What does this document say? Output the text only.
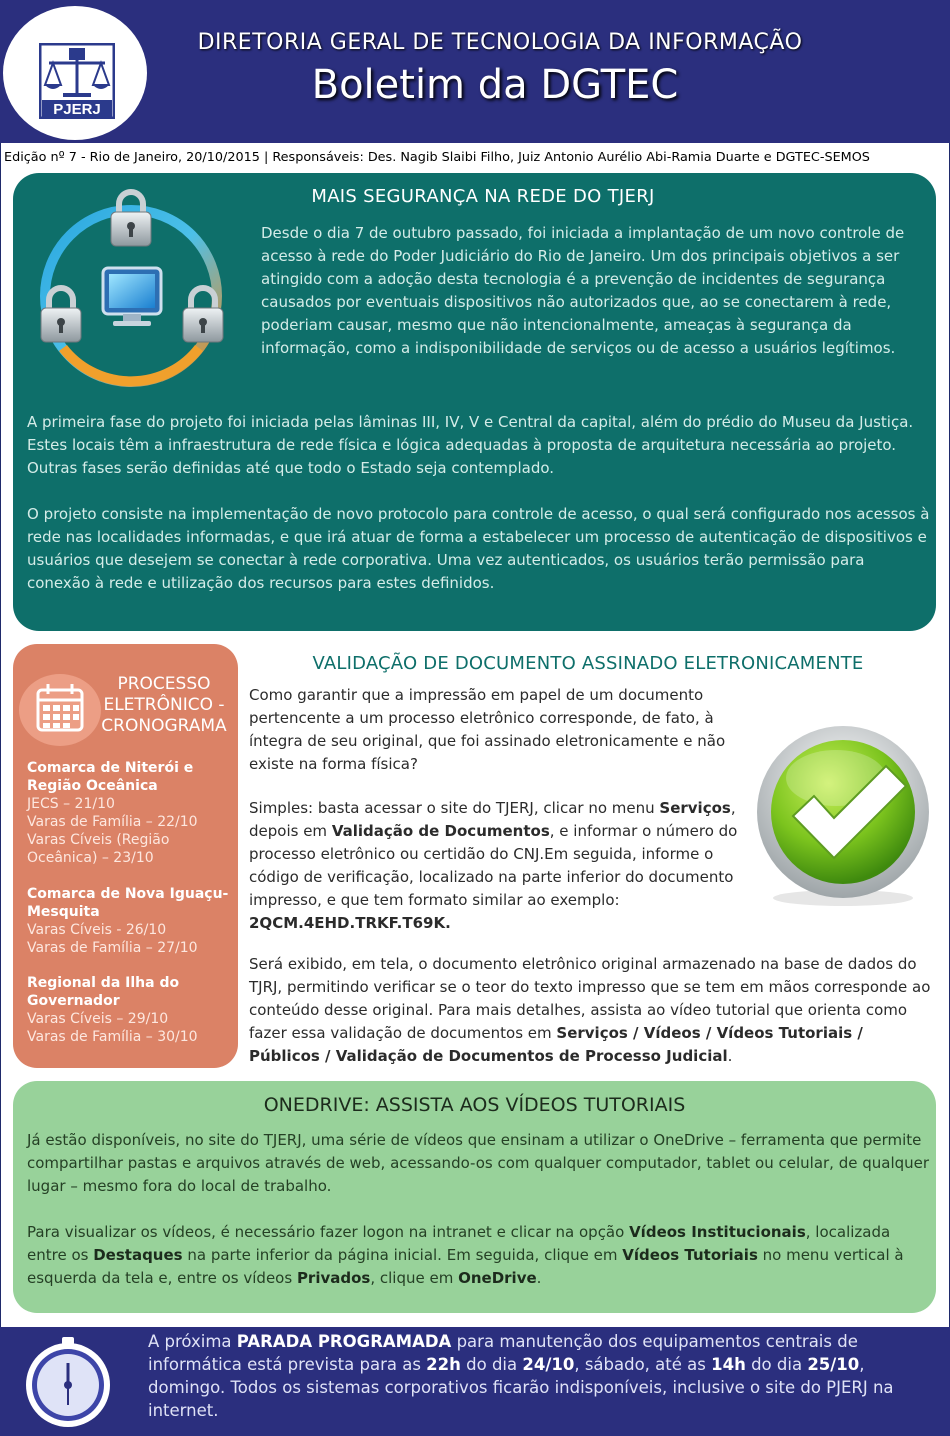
PJERJ
DIRETORIA GERAL DE TECNOLOGIA DA INFORMAÇÃO
Boletim da DGTEC
Edição nº 7 - Rio de Janeiro, 20/10/2015 | Responsáveis: Des. Nagib Slaibi Filho, Juiz Antonio Aurélio Abi-Ramia Duarte e DGTEC-SEMOS
MAIS SEGURANÇA NA REDE DO TJERJ

Desde o dia 7 de outubro passado, foi iniciada a implantação de um novo controle de acesso à rede do Poder Judiciário do Rio de Janeiro. Um dos principais objetivos a ser atingido com a adoção desta tecnologia é a prevenção de incidentes de segurança causados por eventuais dispositivos não autorizados que, ao se conectarem à rede, poderiam causar, mesmo que não intencionalmente, ameaças à segurança da informação, como a indisponibilidade de serviços ou de acesso a usuários legítimos.

A primeira fase do projeto foi iniciada pelas lâminas III, IV, V e Central da capital, além do prédio do Museu da Justiça. Estes locais têm a infraestrutura de rede física e lógica adequadas à proposta de arquitetura necessária ao projeto. Outras fases serão definidas até que todo o Estado seja contemplado.

O projeto consiste na implementação de novo protocolo para controle de acesso, o qual será configurado nos acessos à rede nas localidades informadas, e que irá atuar de forma a estabelecer um processo de autenticação de dispositivos e usuários que desejem se conectar à rede corporativa. Uma vez autenticados, os usuários terão permissão para conexão à rede e utilização dos recursos para estes definidos.

PROCESSO ELETRÔNICO - CRONOGRAMA
Comarca de Niterói e Região Oceânica
JECS – 21/10
Varas de Família – 22/10
Varas Cíveis (Região Oceânica) – 23/10
Comarca de Nova Iguaçu-Mesquita
Varas Cíveis - 26/10
Varas de Família – 27/10
Regional da Ilha do Governador
Varas Cíveis – 29/10
Varas de Família – 30/10
VALIDAÇÃO DE DOCUMENTO ASSINADO ELETRONICAMENTE

Como garantir que a impressão em papel de um documento pertencente a um processo eletrônico corresponde, de fato, à íntegra de seu original, que foi assinado eletronicamente e não existe na forma física?

Simples: basta acessar o site do TJERJ, clicar no menu Serviços, depois em Validação de Documentos, e informar o número do processo eletrônico ou certidão do CNJ.Em seguida, informe o código de verificação, localizado na parte inferior do documento impresso, e que tem formato similar ao exemplo: 2QCM.4EHD.TRKF.T69K.

Será exibido, em tela, o documento eletrônico original armazenado na base de dados do TJRJ, permitindo verificar se o teor do texto impresso que se tem em mãos corresponde ao conteúdo desse original. Para mais detalhes, assista ao vídeo tutorial que orienta como fazer essa validação de documentos em Serviços / Vídeos / Vídeos Tutoriais / Públicos / Validação de Documentos de Processo Judicial.

ONEDRIVE: ASSISTA AOS VÍDEOS TUTORIAIS

Já estão disponíveis, no site do TJERJ, uma série de vídeos que ensinam a utilizar o OneDrive – ferramenta que permite compartilhar pastas e arquivos através de web, acessando-os com qualquer computador, tablet ou celular, de qualquer lugar – mesmo fora do local de trabalho.

Para visualizar os vídeos, é necessário fazer logon na intranet e clicar na opção Vídeos Institucionais, localizada entre os Destaques na parte inferior da página inicial. Em seguida, clique em Vídeos Tutoriais no menu vertical à esquerda da tela e, entre os vídeos Privados, clique em OneDrive.

A próxima PARADA PROGRAMADA para manutenção dos equipamentos centrais de informática está prevista para as 22h do dia 24/10, sábado, até as 14h do dia 25/10, domingo. Todos os sistemas corporativos ficarão indisponíveis, inclusive o site do PJERJ na internet.
